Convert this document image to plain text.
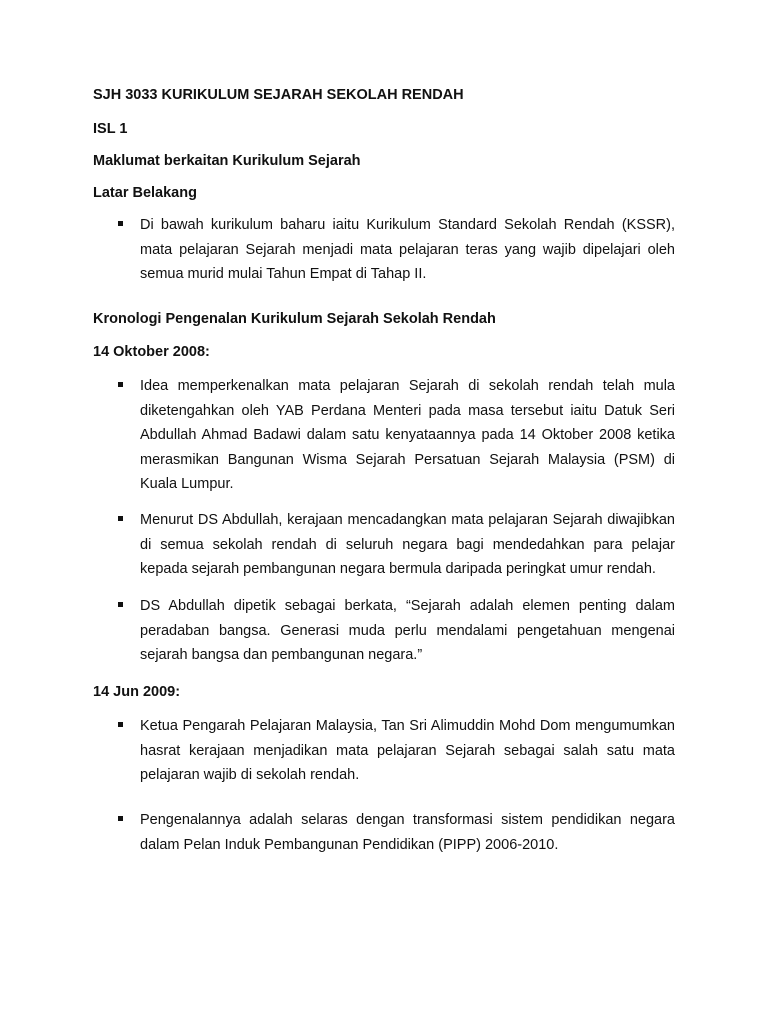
SJH 3033 KURIKULUM SEJARAH SEKOLAH RENDAH

ISL 1

Maklumat berkaitan Kurikulum Sejarah

Latar Belakang

Di bawah kurikulum baharu iaitu Kurikulum Standard Sekolah Rendah (KSSR), mata pelajaran Sejarah menjadi mata pelajaran teras yang wajib dipelajari oleh semua murid mulai Tahun Empat di Tahap II.

Kronologi Pengenalan Kurikulum Sejarah Sekolah Rendah

14 Oktober 2008:

Idea memperkenalkan mata pelajaran Sejarah di sekolah rendah telah mula diketengahkan oleh YAB Perdana Menteri pada masa tersebut iaitu Datuk Seri Abdullah Ahmad Badawi dalam satu kenyataannya pada 14 Oktober 2008 ketika merasmikan Bangunan Wisma Sejarah Persatuan Sejarah Malaysia (PSM) di Kuala Lumpur.

Menurut DS Abdullah, kerajaan mencadangkan mata pelajaran Sejarah diwajibkan di semua sekolah rendah di seluruh negara bagi mendedahkan para pelajar kepada sejarah pembangunan negara bermula daripada peringkat umur rendah.

DS Abdullah dipetik sebagai berkata, “Sejarah adalah elemen penting dalam peradaban bangsa. Generasi muda perlu mendalami pengetahuan mengenai sejarah bangsa dan pembangunan negara.”

14 Jun 2009:

Ketua Pengarah Pelajaran Malaysia, Tan Sri Alimuddin Mohd Dom mengumumkan hasrat kerajaan menjadikan mata pelajaran Sejarah sebagai salah satu mata pelajaran wajib di sekolah rendah.

Pengenalannya adalah selaras dengan transformasi sistem pendidikan negara dalam Pelan Induk Pembangunan Pendidikan (PIPP) 2006-2010.
